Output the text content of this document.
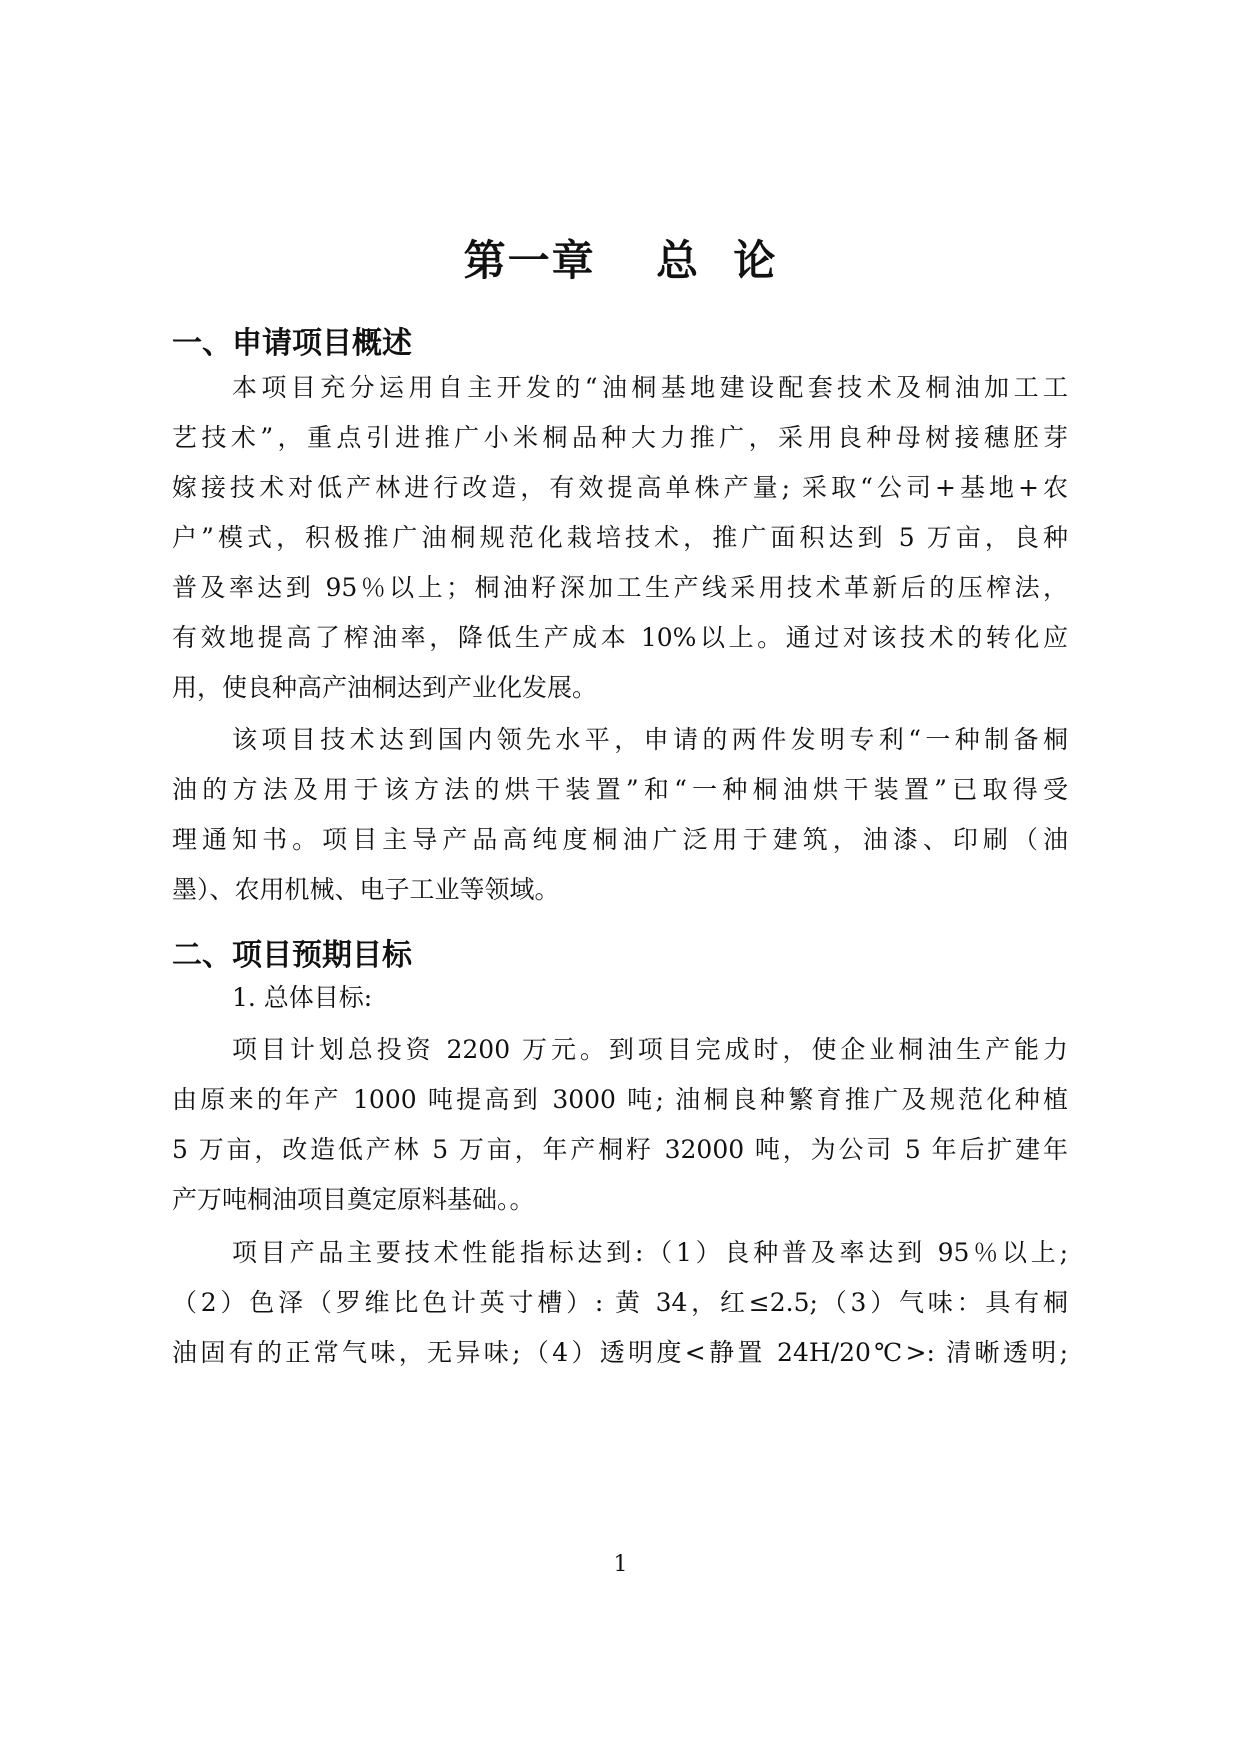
第一章　 总  论
一、申请项目概述

本项目充分运用自主开发的“油桐基地建设配套技术及桐油加工工

艺技术”，重点引进推广小米桐品种大力推广，采用良种母树接穗胚芽

嫁接技术对低产林进行改造，有效提高单株产量; 采取“公司+基地+农

户”模式，积极推广油桐规范化栽培技术，推广面积达到 5 万亩，良种

普及率达到 95％以上；桐油籽深加工生产线采用技术革新后的压榨法，

有效地提高了榨油率，降低生产成本 10%以上。通过对该技术的转化应

用，使良种高产油桐达到产业化发展。

该项目技术达到国内领先水平，申请的两件发明专利“一种制备桐

油的方法及用于该方法的烘干装置”和“一种桐油烘干装置”已取得受

理通知书。项目主导产品高纯度桐油广泛用于建筑，油漆、印刷（油

墨）、农用机械、电子工业等领域。

二、项目预期目标

1. 总体目标:

项目计划总投资 2200 万元。到项目完成时，使企业桐油生产能力

由原来的年产 1000 吨提高到 3000 吨; 油桐良种繁育推广及规范化种植

5 万亩，改造低产林 5 万亩，年产桐籽 32000 吨，为公司 5 年后扩建年

产万吨桐油项目奠定原料基础。。

项目产品主要技术性能指标达到:（1）良种普及率达到 95％以上;

（2）色泽（罗维比色计英寸槽）: 黄 34，红≤2.5;（3）气味：具有桐

油固有的正常气味，无异味;（4）透明度<静置 24H/20℃>: 清晰透明;

1
